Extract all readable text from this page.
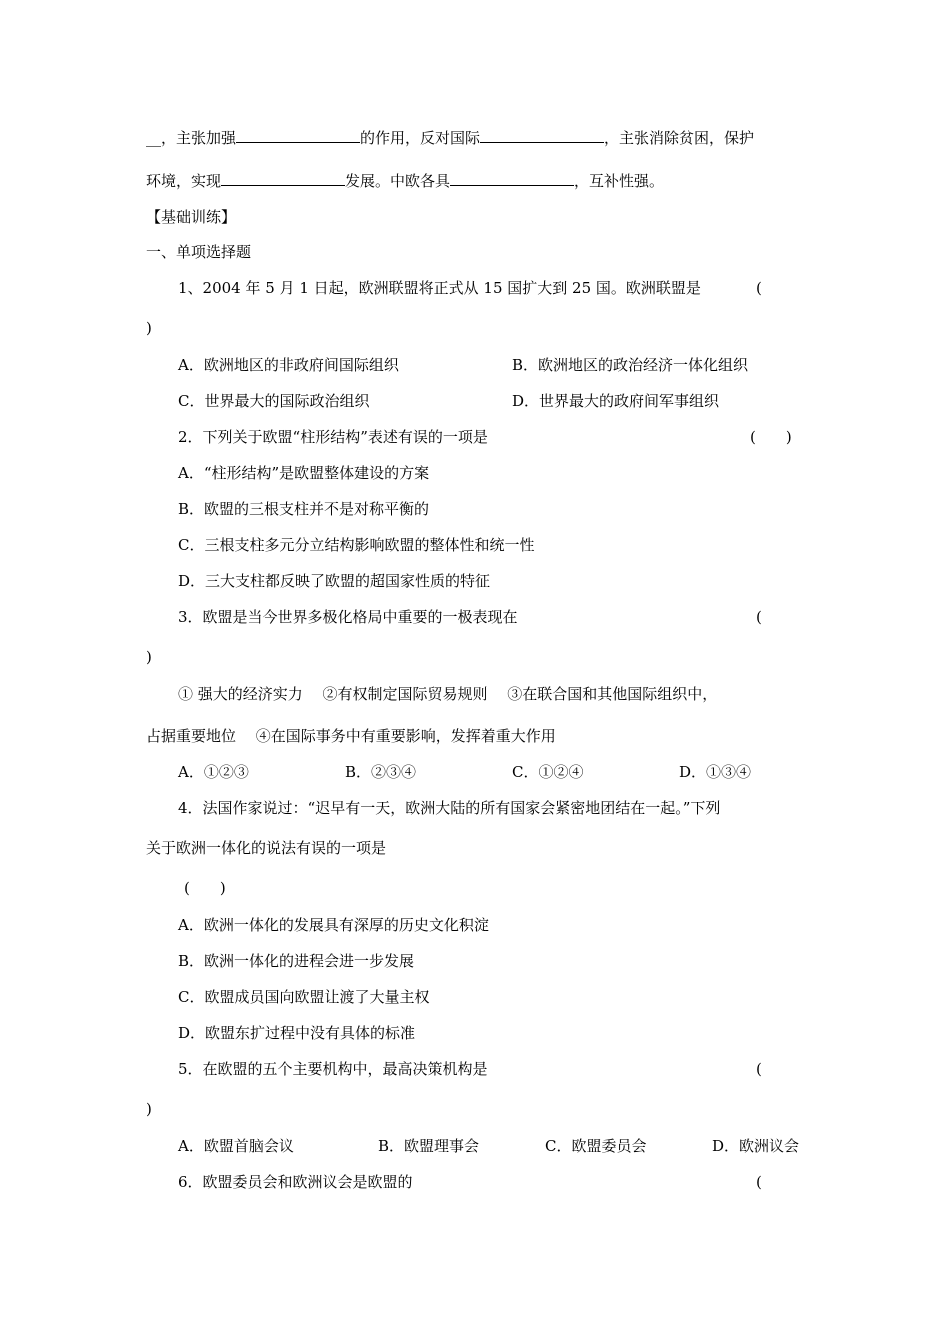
__，主张加强	的作用，反对国际	，主张消除贫困，保护
环境，实现	发展。中欧各具	，互补性强。
【基础训练】
一、单项选择题
1、2004 年 5 月 1 日起，欧洲联盟将正式从 15 国扩大到 25 国。欧洲联盟是	(
)
A．欧洲地区的非政府间国际组织	B．欧洲地区的政治经济一体化组织
C．世界最大的国际政治组织	D．世界最大的政府间军事组织
2．下列关于欧盟“柱形结构”表述有误的一项是	(　　)
A．“柱形结构”是欧盟整体建设的方案
B．欧盟的三根支柱并不是对称平衡的
C．三根支柱多元分立结构影响欧盟的整体性和统一性
D．三大支柱都反映了欧盟的超国家性质的特征
3．欧盟是当今世界多极化格局中重要的一极表现在	(
)
① 强大的经济实力　 ②有权制定国际贸易规则　 ③在联合国和其他国际组织中，
占据重要地位　 ④在国际事务中有重要影响，发挥着重大作用
A．①②③	B．②③④	C．①②④	D．①③④
4．法国作家说过：“迟早有一天，欧洲大陆的所有国家会紧密地团结在一起。”下列
关于欧洲一体化的说法有误的一项是
(　　)
A．欧洲一体化的发展具有深厚的历史文化积淀
B．欧洲一体化的进程会进一步发展
C．欧盟成员国向欧盟让渡了大量主权
D．欧盟东扩过程中没有具体的标准
5．在欧盟的五个主要机构中，最高决策机构是	(
)
A．欧盟首脑会议	B．欧盟理事会	C．欧盟委员会	D．欧洲议会
6．欧盟委员会和欧洲议会是欧盟的	(
